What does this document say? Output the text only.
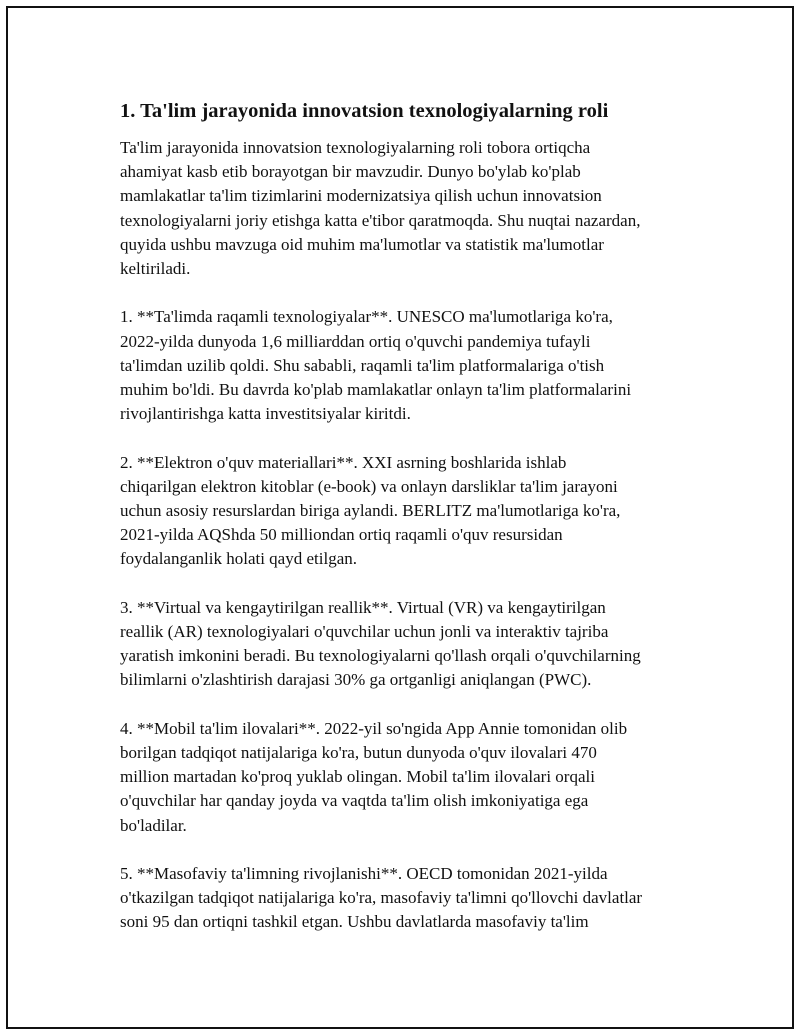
1. Ta'lim jarayonida innovatsion texnologiyalarning roli

Ta'lim jarayonida innovatsion texnologiyalarning roli tobora ortiqcha
ahamiyat kasb etib borayotgan bir mavzudir. Dunyo bo'ylab ko'plab
mamlakatlar ta'lim tizimlarini modernizatsiya qilish uchun innovatsion
texnologiyalarni joriy etishga katta e'tibor qaratmoqda. Shu nuqtai nazardan,
quyida ushbu mavzuga oid muhim ma'lumotlar va statistik ma'lumotlar
keltiriladi.

1. **Ta'limda raqamli texnologiyalar**. UNESCO ma'lumotlariga ko'ra,
2022-yilda dunyoda 1,6 milliarddan ortiq o'quvchi pandemiya tufayli
ta'limdan uzilib qoldi. Shu sababli, raqamli ta'lim platformalariga o'tish
muhim bo'ldi. Bu davrda ko'plab mamlakatlar onlayn ta'lim platformalarini
rivojlantirishga katta investitsiyalar kiritdi.

2. **Elektron o'quv materiallari**. XXI asrning boshlarida ishlab
chiqarilgan elektron kitoblar (e-book) va onlayn darsliklar ta'lim jarayoni
uchun asosiy resurslardan biriga aylandi. BERLITZ ma'lumotlariga ko'ra,
2021-yilda AQShda 50 milliondan ortiq raqamli o'quv resursidan
foydalanganlik holati qayd etilgan.

3. **Virtual va kengaytirilgan reallik**. Virtual (VR) va kengaytirilgan
reallik (AR) texnologiyalari o'quvchilar uchun jonli va interaktiv tajriba
yaratish imkonini beradi. Bu texnologiyalarni qo'llash orqali o'quvchilarning
bilimlarni o'zlashtirish darajasi 30% ga ortganligi aniqlangan (PWC).

4. **Mobil ta'lim ilovalari**. 2022-yil so'ngida App Annie tomonidan olib
borilgan tadqiqot natijalariga ko'ra, butun dunyoda o'quv ilovalari 470
million martadan ko'proq yuklab olingan. Mobil ta'lim ilovalari orqali
o'quvchilar har qanday joyda va vaqtda ta'lim olish imkoniyatiga ega
bo'ladilar.

5. **Masofaviy ta'limning rivojlanishi**. OECD tomonidan 2021-yilda
o'tkazilgan tadqiqot natijalariga ko'ra, masofaviy ta'limni qo'llovchi davlatlar
soni 95 dan ortiqni tashkil etgan. Ushbu davlatlarda masofaviy ta'lim
